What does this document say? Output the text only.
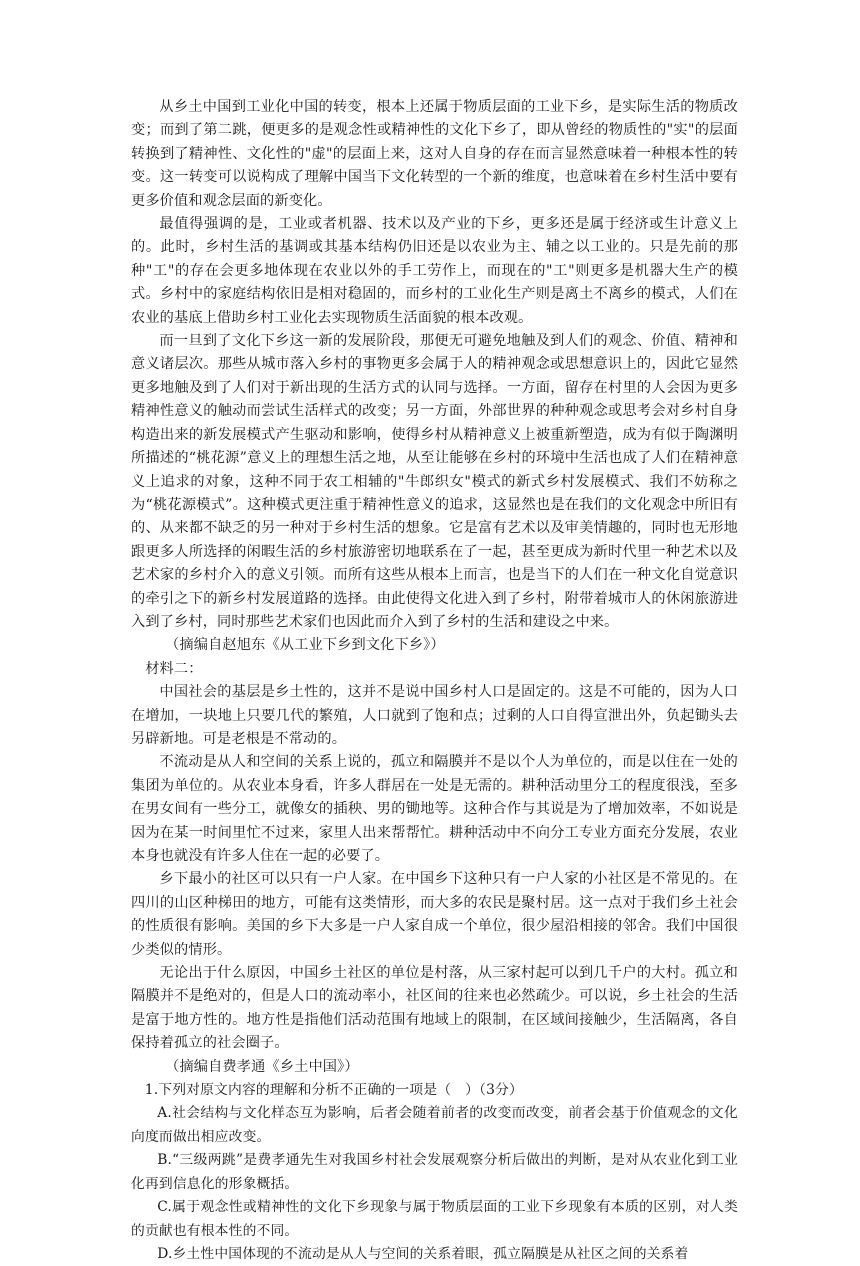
从乡土中国到工业化中国的转变，根本上还属于物质层面的工业下乡，是实际生活的物质改变；而到了第二跳，便更多的是观念性或精神性的文化下乡了，即从曾经的物质性的"实"的层面转换到了精神性、文化性的"虚"的层面上来，这对人自身的存在而言显然意味着一种根本性的转变。这一转变可以说构成了理解中国当下文化转型的一个新的维度，也意味着在乡村生活中要有更多价值和观念层面的新变化。

最值得强调的是，工业或者机器、技术以及产业的下乡，更多还是属于经济或生计意义上的。此时，乡村生活的基调或其基本结构仍旧还是以农业为主、辅之以工业的。只是先前的那种"工"的存在会更多地体现在农业以外的手工劳作上，而现在的"工"则更多是机器大生产的模式。乡村中的家庭结构依旧是相对稳固的，而乡村的工业化生产则是离土不离乡的模式，人们在农业的基底上借助乡村工业化去实现物质生活面貌的根本改观。

而一旦到了文化下乡这一新的发展阶段，那便无可避免地触及到人们的观念、价值、精神和意义诸层次。那些从城市落入乡村的事物更多会属于人的精神观念或思想意识上的，因此它显然更多地触及到了人们对于新出现的生活方式的认同与选择。一方面，留存在村里的人会因为更多精神性意义的触动而尝试生活样式的改变；另一方面，外部世界的种种观念或思考会对乡村自身构造出来的新发展模式产生驱动和影响，使得乡村从精神意义上被重新塑造，成为有似于陶渊明所描述的“桃花源”意义上的理想生活之地，从至让能够在乡村的环境中生活也成了人们在精神意义上追求的对象，这种不同于农工相辅的"牛郎织女"模式的新式乡村发展模式、我们不妨称之为“桃花源模式”。这种模式更注重于精神性意义的追求，这显然也是在我们的文化观念中所旧有的、从来都不缺乏的另一种对于乡村生活的想象。它是富有艺术以及审美情趣的，同时也无形地跟更多人所选择的闲暇生活的乡村旅游密切地联系在了一起，甚至更成为新时代里一种艺术以及艺术家的乡村介入的意义引领。而所有这些从根本上而言，也是当下的人们在一种文化自觉意识的牵引之下的新乡村发展道路的选择。由此使得文化进入到了乡村，附带着城市人的休闲旅游进入到了乡村，同时那些艺术家们也因此而介入到了乡村的生活和建设之中来。

（摘编自赵旭东《从工业下乡到文化下乡》）

材料二：

中国社会的基层是乡土性的，这并不是说中国乡村人口是固定的。这是不可能的，因为人口在增加，一块地上只要几代的繁殖，人口就到了饱和点；过剩的人口自得宣泄出外，负起锄头去另辟新地。可是老根是不常动的。

不流动是从人和空间的关系上说的，孤立和隔膜并不是以个人为单位的，而是以住在一处的集团为单位的。从农业本身看，许多人群居在一处是无需的。耕种活动里分工的程度很浅，至多在男女间有一些分工，就像女的插秧、男的锄地等。这种合作与其说是为了增加效率，不如说是因为在某一时间里忙不过来，家里人出来帮帮忙。耕种活动中不向分工专业方面充分发展，农业本身也就没有许多人住在一起的必要了。

乡下最小的社区可以只有一户人家。在中国乡下这种只有一户人家的小社区是不常见的。在四川的山区种梯田的地方，可能有这类情形，而大多的农民是聚村居。这一点对于我们乡土社会的性质很有影响。美国的乡下大多是一户人家自成一个单位，很少屋沿相接的邻舍。我们中国很少类似的情形。

无论出于什么原因，中国乡土社区的单位是村落，从三家村起可以到几千户的大村。孤立和隔膜并不是绝对的，但是人口的流动率小，社区间的往来也必然疏少。可以说，乡土社会的生活是富于地方性的。地方性是指他们活动范围有地域上的限制，在区域间接触少，生活隔离，各自保持着孤立的社会圈子。

（摘编自费孝通《乡土中国》）

1.下列对原文内容的理解和分析不正确的一项是（　）（3分）

A.社会结构与文化样态互为影响，后者会随着前者的改变而改变，前者会基于价值观念的文化向度而做出相应改变。

B.“三级两跳”是费孝通先生对我国乡村社会发展观察分析后做出的判断，是对从农业化到工业化再到信息化的形象概括。

C.属于观念性或精神性的文化下乡现象与属于物质层面的工业下乡现象有本质的区别，对人类的贡献也有根本性的不同。

D.乡土性中国体现的不流动是从人与空间的关系着眼，孤立隔膜是从社区之间的关系着
